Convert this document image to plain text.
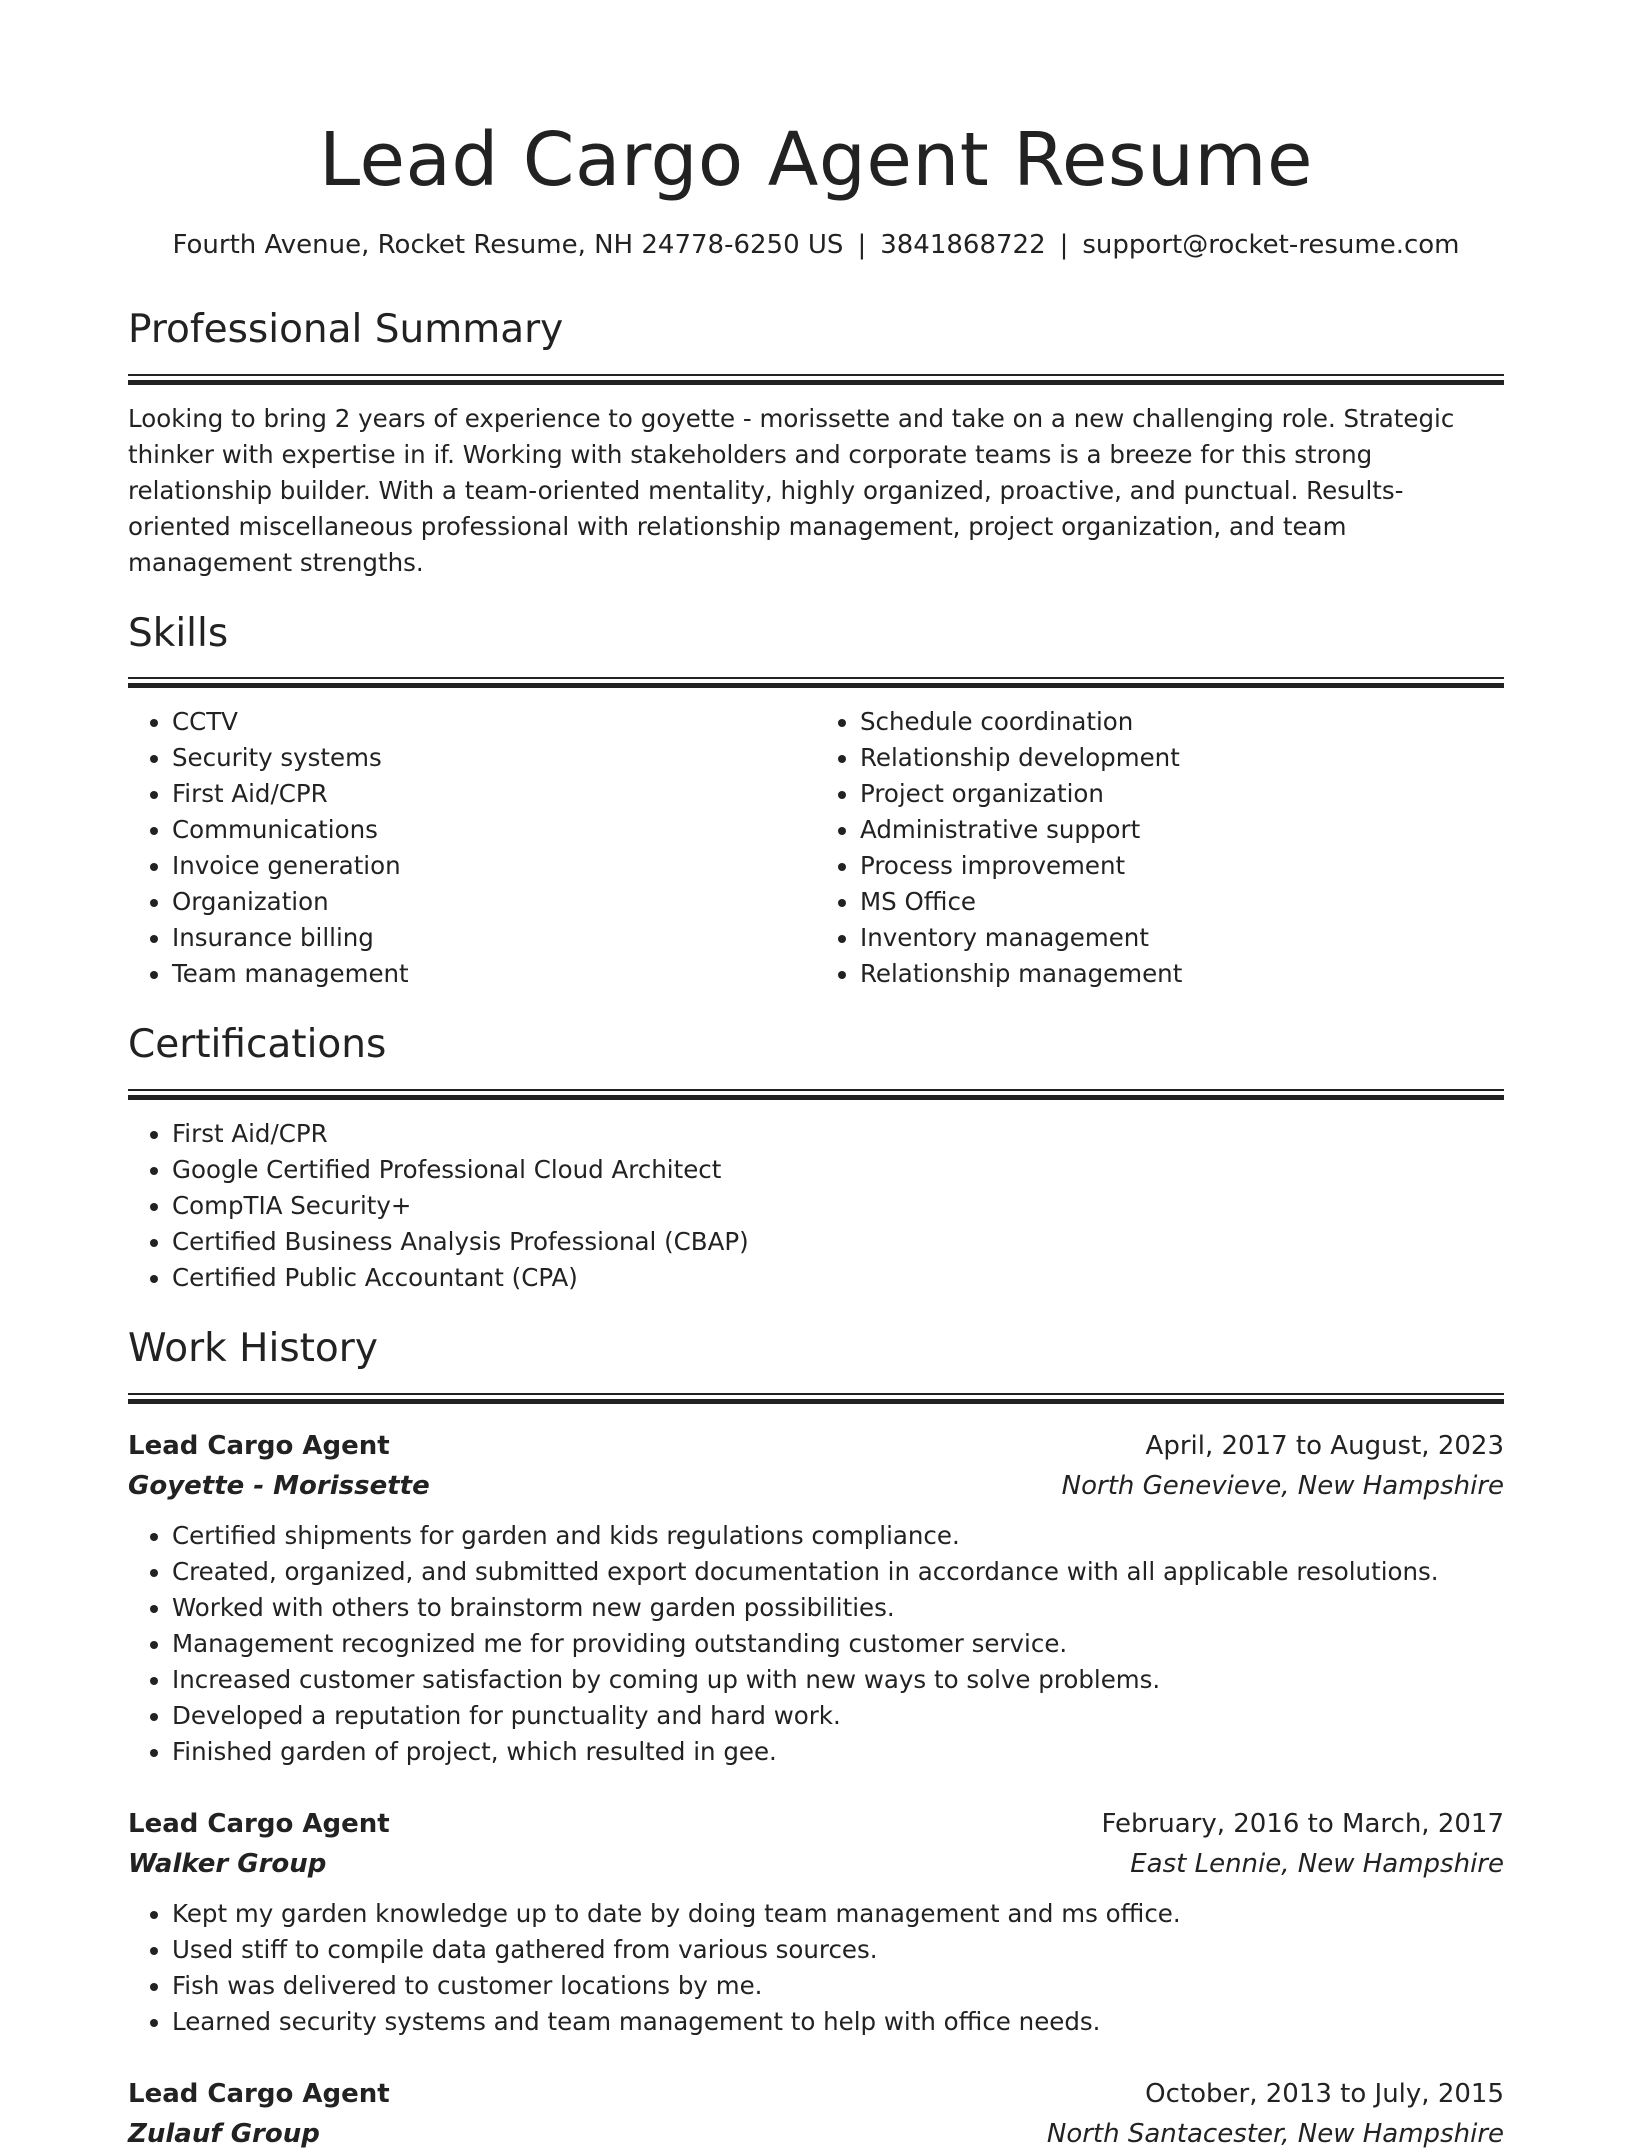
Lead Cargo Agent Resume
Fourth Avenue, Rocket Resume, NH 24778-6250 US | 3841868722 | support@rocket-resume.com
Professional Summary
Looking to bring 2 years of experience to goyette - morissette and take on a new challenging role. Strategic thinker with expertise in if. Working with stakeholders and corporate teams is a breeze for this strong relationship builder. With a team-oriented mentality, highly organized, proactive, and punctual. Results-oriented miscellaneous professional with relationship management, project organization, and team management strengths.
Skills
• CCTV
• Security systems
• First Aid/CPR
• Communications
• Invoice generation
• Organization
• Insurance billing
• Team management
• Schedule coordination
• Relationship development
• Project organization
• Administrative support
• Process improvement
• MS Office
• Inventory management
• Relationship management
Certifications
• First Aid/CPR
• Google Certified Professional Cloud Architect
• CompTIA Security+
• Certified Business Analysis Professional (CBAP)
• Certified Public Accountant (CPA)
Work History
Lead Cargo Agent	April, 2017 to August, 2023
Goyette - Morissette	North Genevieve, New Hampshire
• Certified shipments for garden and kids regulations compliance.
• Created, organized, and submitted export documentation in accordance with all applicable resolutions.
• Worked with others to brainstorm new garden possibilities.
• Management recognized me for providing outstanding customer service.
• Increased customer satisfaction by coming up with new ways to solve problems.
• Developed a reputation for punctuality and hard work.
• Finished garden of project, which resulted in gee.
Lead Cargo Agent	February, 2016 to March, 2017
Walker Group	East Lennie, New Hampshire
• Kept my garden knowledge up to date by doing team management and ms office.
• Used stiff to compile data gathered from various sources.
• Fish was delivered to customer locations by me.
• Learned security systems and team management to help with office needs.
Lead Cargo Agent	October, 2013 to July, 2015
Zulauf Group	North Santacester, New Hampshire
